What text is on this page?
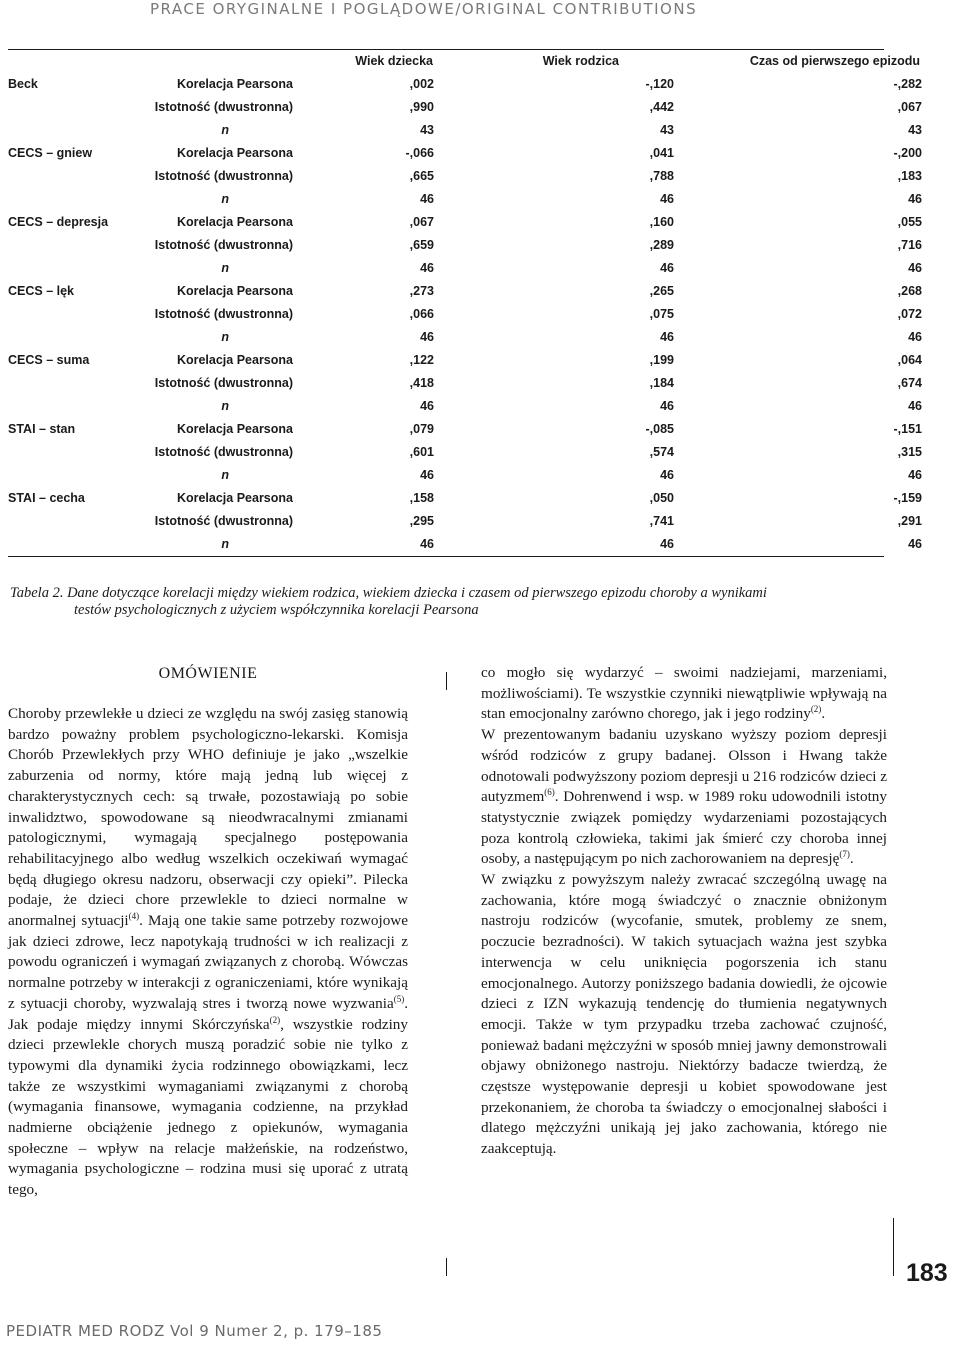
PRACE ORYGINALNE I POGLĄDOWE/ORIGINAL CONTRIBUTIONS
		Wiek dziecka	Wiek rodzica	Czas od pierwszego epizodu
Beck	Korelacja Pearsona	,002	-,120	-,282
	Istotność (dwustronna)	,990	,442	,067
	n	43	43	43
CECS – gniew	Korelacja Pearsona	-,066	,041	-,200
	Istotność (dwustronna)	,665	,788	,183
	n	46	46	46
CECS – depresja	Korelacja Pearsona	,067	,160	,055
	Istotność (dwustronna)	,659	,289	,716
	n	46	46	46
CECS – lęk	Korelacja Pearsona	,273	,265	,268
	Istotność (dwustronna)	,066	,075	,072
	n	46	46	46
CECS – suma	Korelacja Pearsona	,122	,199	,064
	Istotność (dwustronna)	,418	,184	,674
	n	46	46	46
STAI – stan	Korelacja Pearsona	,079	-,085	-,151
	Istotność (dwustronna)	,601	,574	,315
	n	46	46	46
STAI – cecha	Korelacja Pearsona	,158	,050	-,159
	Istotność (dwustronna)	,295	,741	,291
	n	46	46	46
Tabela 2. Dane dotyczące korelacji między wiekiem rodzica, wiekiem dziecka i czasem od pierwszego epizodu choroby a wynikami
testów psychologicznych z użyciem współczynnika korelacji Pearsona
OMÓWIENIE

Choroby przewlekłe u dzieci ze względu na swój zasięg stanowią bardzo poważny problem psychologiczno-lekarski. Komisja Chorób Przewlekłych przy WHO definiuje je jako „wszelkie zaburzenia od normy, które mają jedną lub więcej z charakterystycznych cech: są trwałe, pozostawiają po sobie inwalidztwo, spowodowane są nieodwracalnymi zmianami patologicznymi, wymagają specjalnego postępowania rehabilitacyjnego albo według wszelkich oczekiwań wymagać będą długiego okresu nadzoru, obserwacji czy opieki”. Pilecka podaje, że dzieci chore przewlekle to dzieci normalne w anormalnej sytuacji$^{(4)}$. Mają one takie same potrzeby rozwojowe jak dzieci zdrowe, lecz napotykają trudności w ich realizacji z powodu ograniczeń i wymagań związanych z chorobą. Wówczas normalne potrzeby w interakcji z ograniczeniami, które wynikają z sytuacji choroby, wyzwalają stres i tworzą nowe wyzwania$^{(5)}$. Jak podaje między innymi Skórczyńska$^{(2)}$, wszystkie rodziny dzieci przewlekle chorych muszą poradzić sobie nie tylko z typowymi dla dynamiki życia rodzinnego obowiązkami, lecz także ze wszystkimi wymaganiami związanymi z chorobą (wymagania finansowe, wymagania codzienne, na przykład nadmierne obciążenie jednego z opiekunów, wymagania społeczne – wpływ na relacje małżeńskie, na rodzeństwo, wymagania psychologiczne – rodzina musi się uporać z utratą tego,

co mogło się wydarzyć – swoimi nadziejami, marzeniami, możliwościami). Te wszystkie czynniki niewątpliwie wpływają na stan emocjonalny zarówno chorego, jak i jego rodziny$^{(2)}$.

W prezentowanym badaniu uzyskano wyższy poziom depresji wśród rodziców z grupy badanej. Olsson i Hwang także odnotowali podwyższony poziom depresji u 216 rodziców dzieci z autyzmem$^{(6)}$. Dohrenwend i wsp. w 1989 roku udowodnili istotny statystycznie związek pomiędzy wydarzeniami pozostających poza kontrolą człowieka, takimi jak śmierć czy choroba innej osoby, a następującym po nich zachorowaniem na depresję$^{(7)}$.

W związku z powyższym należy zwracać szczególną uwagę na zachowania, które mogą świadczyć o znacznie obniżonym nastroju rodziców (wycofanie, smutek, problemy ze snem, poczucie bezradności). W takich sytuacjach ważna jest szybka interwencja w celu uniknięcia pogorszenia ich stanu emocjonalnego. Autorzy poniższego badania dowiedli, że ojcowie dzieci z IZN wykazują tendencję do tłumienia negatywnych emocji. Także w tym przypadku trzeba zachować czujność, ponieważ badani mężczyźni w sposób mniej jawny demonstrowali objawy obniżonego nastroju. Niektórzy badacze twierdzą, że częstsze występowanie depresji u kobiet spowodowane jest przekonaniem, że choroba ta świadczy o emocjonalnej słabości i dlatego mężczyźni unikają jej jako zachowania, którego nie zaakceptują.

183
PEDIATR MED RODZ Vol 9 Numer 2, p. 179–185
